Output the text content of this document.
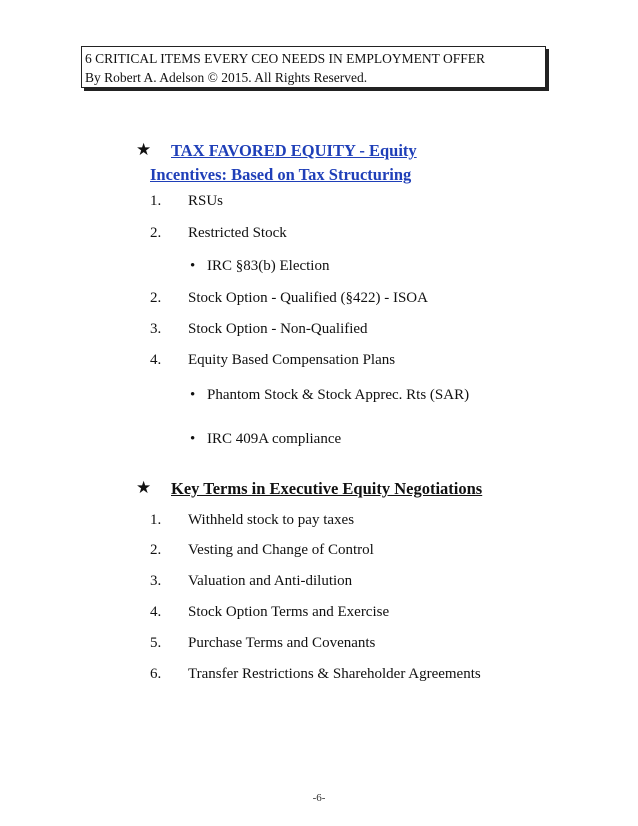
6 CRITICAL ITEMS EVERY CEO NEEDS IN EMPLOYMENT OFFER
By Robert A. Adelson © 2015. All Rights Reserved.
★ TAX FAVORED EQUITY - Equity
Incentives: Based on Tax Structuring
1. RSUs
2. Restricted Stock
• IRC §83(b) Election
2. Stock Option - Qualified (§422) - ISOA
3. Stock Option - Non-Qualified
4. Equity Based Compensation Plans
• Phantom Stock & Stock Apprec. Rts (SAR)
• IRC 409A compliance
★ Key Terms in Executive Equity Negotiations
1. Withheld stock to pay taxes
2. Vesting and Change of Control
3. Valuation and Anti-dilution
4. Stock Option Terms and Exercise
5. Purchase Terms and Covenants
6. Transfer Restrictions & Shareholder Agreements
-6-
